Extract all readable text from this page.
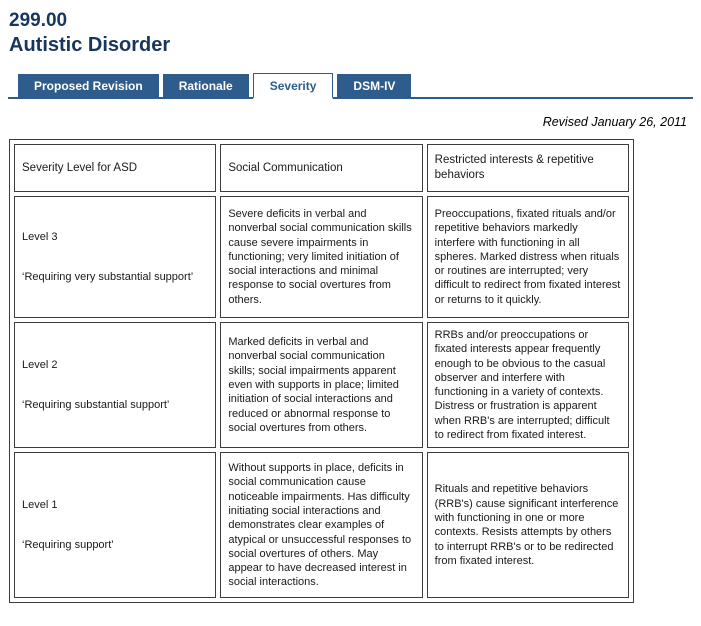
299.00
Autistic Disorder
Proposed Revision	Rationale	Severity	DSM-IV
Revised January 26, 2011
Severity Level for ASD	Social Communication	Restricted interests & repetitive behaviors

Level 3
‘Requiring very substantial support’
	Severe deficits in verbal and nonverbal social communication skills cause severe impairments in functioning; very limited initiation of social interactions and minimal response to social overtures from others.	Preoccupations, fixated rituals and/or repetitive behaviors markedly interfere with functioning in all spheres. Marked distress when rituals or routines are interrupted; very difficult to redirect from fixated interest or returns to it quickly.

Level 2
‘Requiring substantial support’
	Marked deficits in verbal and nonverbal social communication skills; social impairments apparent even with supports in place; limited initiation of social interactions and reduced or abnormal response to social overtures from others.	RRBs and/or preoccupations or fixated interests appear frequently enough to be obvious to the casual observer and interfere with functioning in a variety of contexts. Distress or frustration is apparent when RRB's are interrupted; difficult to redirect from fixated interest.

Level 1
‘Requiring support’
	Without supports in place, deficits in social communication cause noticeable impairments. Has difficulty initiating social interactions and demonstrates clear examples of atypical or unsuccessful responses to social overtures of others. May appear to have decreased interest in social interactions.	Rituals and repetitive behaviors (RRB's) cause significant interference with functioning in one or more contexts. Resists attempts by others to interrupt RRB's or to be redirected from fixated interest.
